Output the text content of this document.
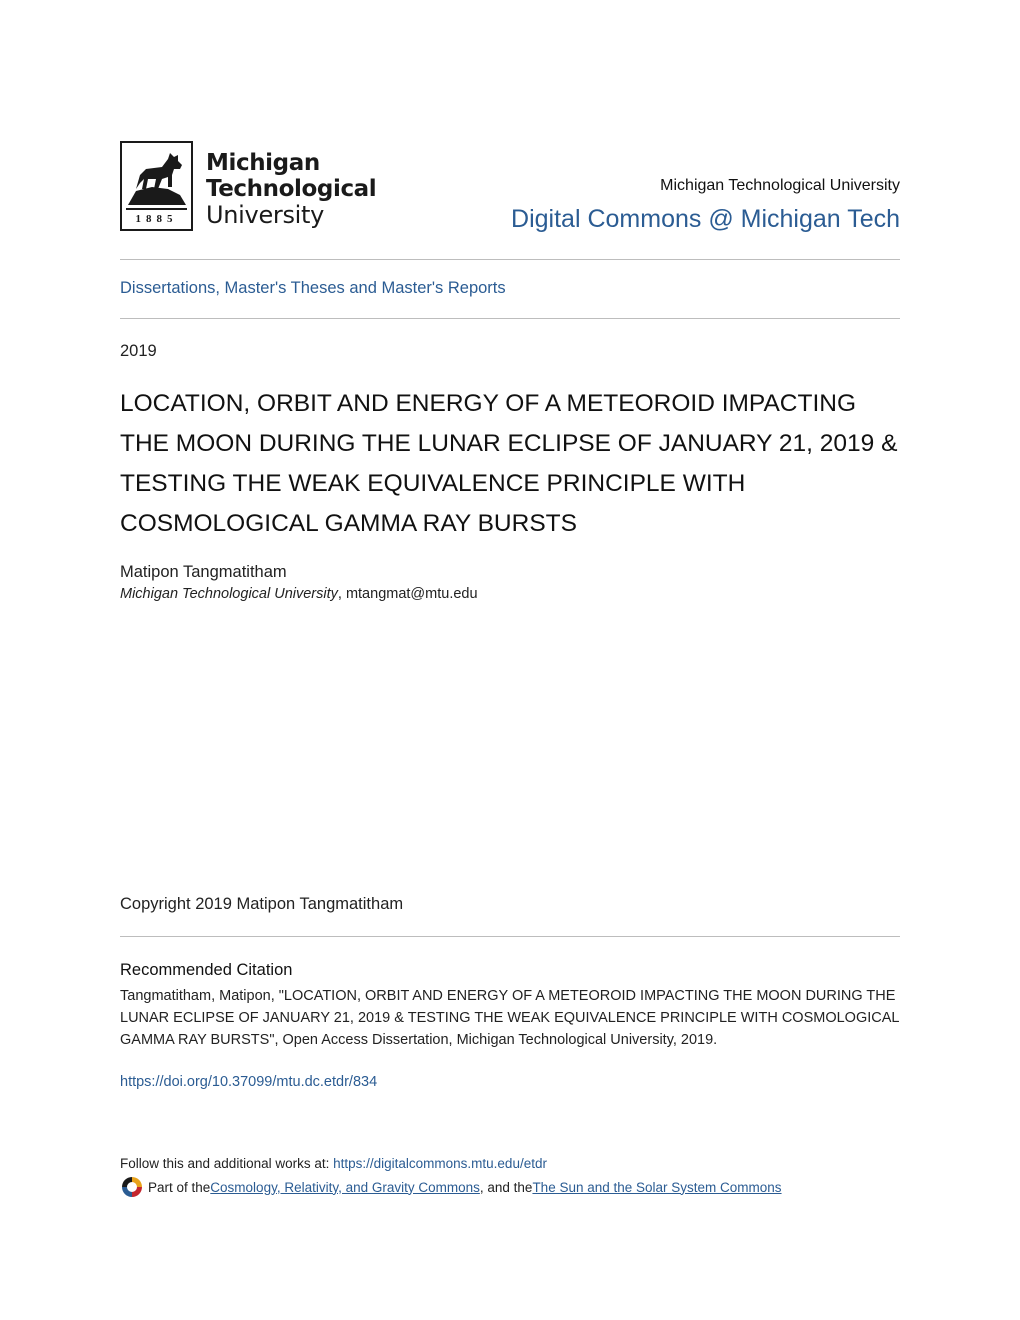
1885
Michigan
Technological
University
Michigan Technological University
Digital Commons @ Michigan Tech
Dissertations, Master's Theses and Master's Reports
2019
LOCATION, ORBIT AND ENERGY OF A METEOROID IMPACTING THE MOON DURING THE LUNAR ECLIPSE OF JANUARY 21, 2019 & TESTING THE WEAK EQUIVALENCE PRINCIPLE WITH COSMOLOGICAL GAMMA RAY BURSTS
Matipon Tangmatitham
Michigan Technological University, mtangmat@mtu.edu
Copyright 2019 Matipon Tangmatitham
Recommended Citation
Tangmatitham, Matipon, "LOCATION, ORBIT AND ENERGY OF A METEOROID IMPACTING THE MOON DURING THE LUNAR ECLIPSE OF JANUARY 21, 2019 & TESTING THE WEAK EQUIVALENCE PRINCIPLE WITH COSMOLOGICAL GAMMA RAY BURSTS", Open Access Dissertation, Michigan Technological University, 2019.
https://doi.org/10.37099/mtu.dc.etdr/834
Follow this and additional works at: https://digitalcommons.mtu.edu/etdr
Part of the Cosmology, Relativity, and Gravity Commons , and the The Sun and the Solar System Commons
